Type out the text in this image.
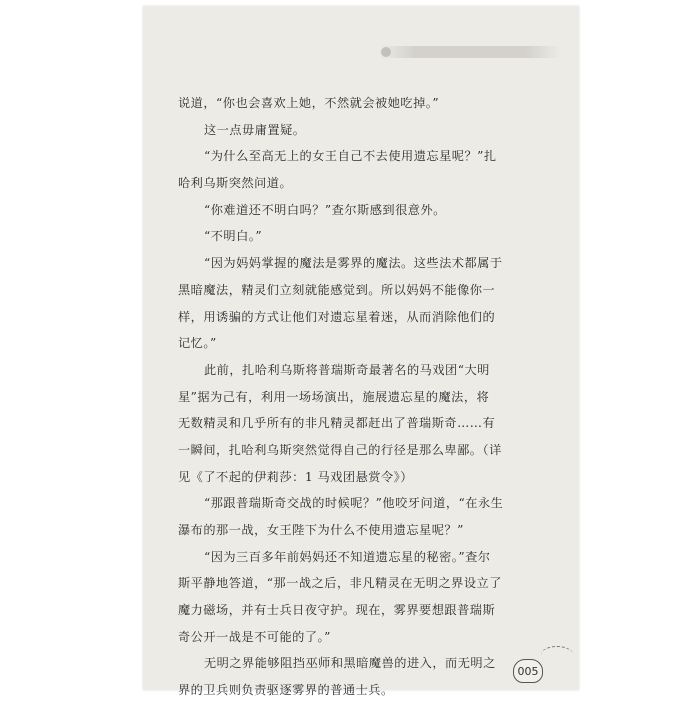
说道，“你也会喜欢上她，不然就会被她吃掉。”
这一点毋庸置疑。
“为什么至高无上的女王自己不去使用遗忘星呢？”扎
哈利乌斯突然问道。
“你难道还不明白吗？”查尔斯感到很意外。
“不明白。”
“因为妈妈掌握的魔法是雾界的魔法。这些法术都属于
黑暗魔法，精灵们立刻就能感觉到。所以妈妈不能像你一
样，用诱骗的方式让他们对遗忘星着迷，从而消除他们的
记忆。”
此前，扎哈利乌斯将普瑞斯奇最著名的马戏团“大明
星”据为己有，利用一场场演出，施展遗忘星的魔法，将
无数精灵和几乎所有的非凡精灵都赶出了普瑞斯奇……有
一瞬间，扎哈利乌斯突然觉得自己的行径是那么卑鄙。（详
见《了不起的伊莉莎：1 马戏团悬赏令》）
“那跟普瑞斯奇交战的时候呢？”他咬牙问道，“在永生
瀑布的那一战，女王陛下为什么不使用遗忘星呢？”
“因为三百多年前妈妈还不知道遗忘星的秘密。”查尔
斯平静地答道，“那一战之后，非凡精灵在无明之界设立了
魔力磁场，并有士兵日夜守护。现在，雾界要想跟普瑞斯
奇公开一战是不可能的了。”
无明之界能够阻挡巫师和黑暗魔兽的进入，而无明之
界的卫兵则负责驱逐雾界的普通士兵。
005
